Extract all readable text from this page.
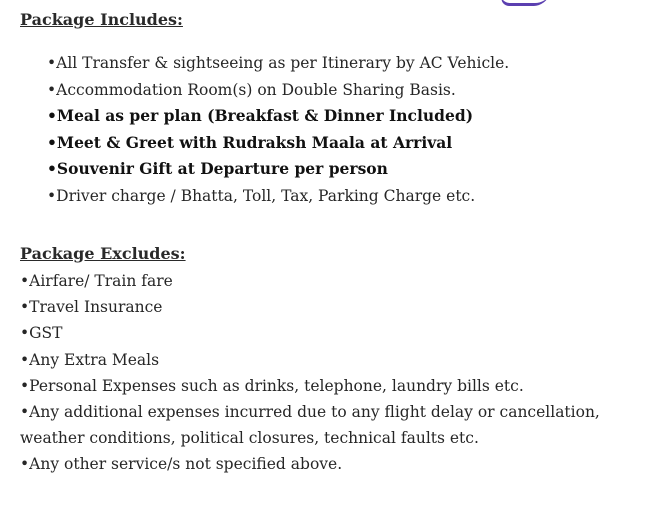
Package Includes:
•All Transfer & sightseeing as per Itinerary by AC Vehicle.
•Accommodation Room(s) on Double Sharing Basis.
•Meal as per plan (Breakfast & Dinner Included)
•Meet & Greet with Rudraksh Maala at Arrival
•Souvenir Gift at Departure per person
•Driver charge / Bhatta, Toll, Tax, Parking Charge etc.
Package Excludes:
•Airfare/ Train fare
•Travel Insurance
•GST
•Any Extra Meals
•Personal Expenses such as drinks, telephone, laundry bills etc.
•Any additional expenses incurred due to any flight delay or cancellation, weather conditions, political closures, technical faults etc.
•Any other service/s not specified above.
